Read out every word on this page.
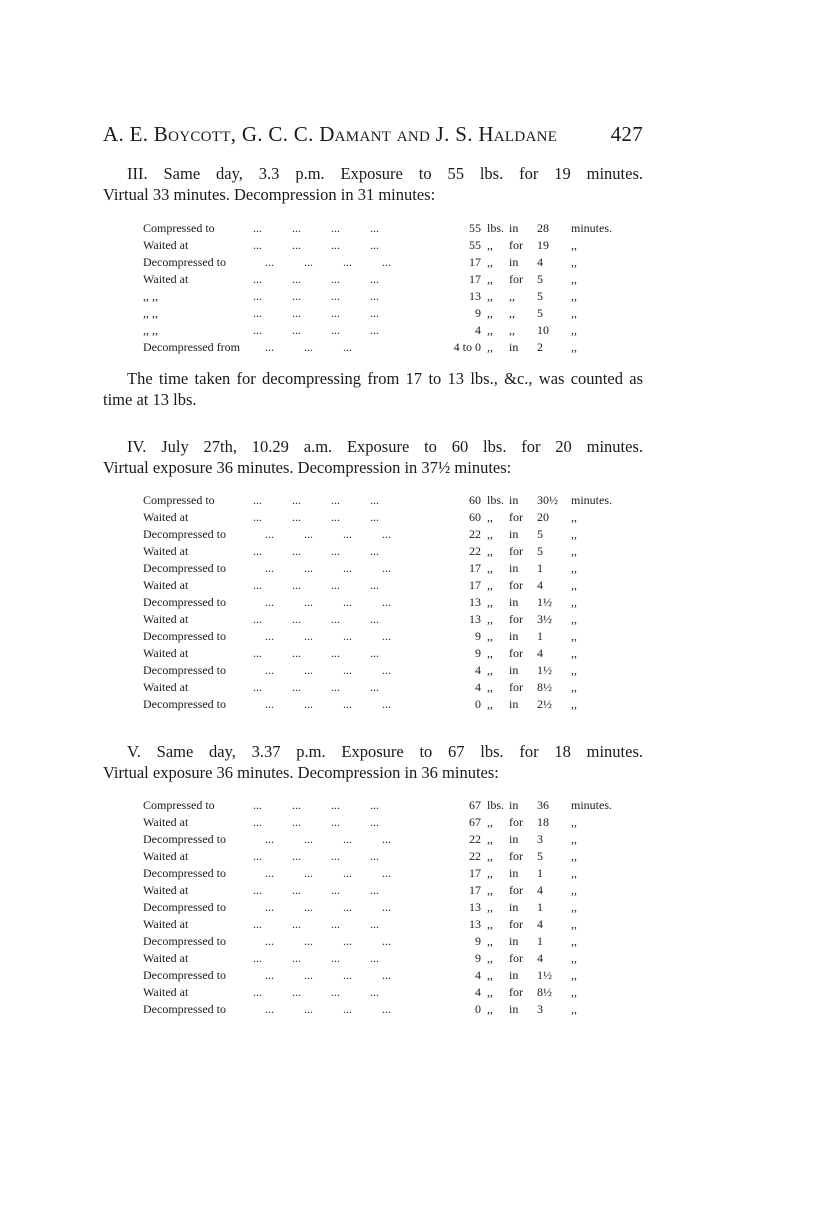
A. E. Boycott, G. C. C. Damant and J. S. Haldane	427
III. Same day, 3.3 p.m. Exposure to 55 lbs. for 19 minutes.
Virtual 33 minutes. Decompression in 31 minutes:
Compressed to	55 lbs. in	28	minutes.
...          ...          ...          ...
Waited at	55 ,,	for	19	,,
...          ...          ...          ...
Decompressed to	17 ,,	in	4	,,
...          ...          ...          ...
Waited at	17 ,,	for	5	,,
...          ...          ...          ...
,, ,,	13 ,,	,,	5	,,
...          ...          ...          ...
,, ,,	9 ,,	,,	5	,,
...          ...          ...          ...
,, ,,	4 ,,	,,	10	,,
...          ...          ...          ...
Decompressed from	4 to 0 ,,	in	2	,,
...          ...          ...
The time taken for decompressing from 17 to 13 lbs., &c., was counted as time at 13 lbs.
IV. July 27th, 10.29 a.m. Exposure to 60 lbs. for 20 minutes.
Virtual exposure 36 minutes. Decompression in 37½ minutes:
Compressed to	60 lbs. in	30½ minutes.
...          ...          ...          ...
Waited at	60 ,,	for	20	,,
...          ...          ...          ...
Decompressed to	22 ,,	in	5	,,
...          ...          ...          ...
Waited at	22 ,,	for	5	,,
...          ...          ...          ...
Decompressed to	17 ,,	in	1	,,
...          ...          ...          ...
Waited at	17 ,,	for	4	,,
...          ...          ...          ...
Decompressed to	13 ,,	in	1½	,,
...          ...          ...          ...
Waited at	13 ,,	for	3½	,,
...          ...          ...          ...
Decompressed to	9 ,,	in	1	,,
...          ...          ...          ...
Waited at	9 ,,	for	4	,,
...          ...          ...          ...
Decompressed to	4 ,,	in	1½	,,
...          ...          ...          ...
Waited at	4 ,,	for	8½	,,
...          ...          ...          ...
Decompressed to	0 ,,	in	2½	,,
...          ...          ...          ...
V. Same day, 3.37 p.m. Exposure to 67 lbs. for 18 minutes.
Virtual exposure 36 minutes. Decompression in 36 minutes:
Compressed to	67 lbs. in	36	minutes.
...          ...          ...          ...
Waited at	67 ,,	for	18	,,
...          ...          ...          ...
Decompressed to	22 ,,	in	3	,,
...          ...          ...          ...
Waited at	22 ,,	for	5	,,
...          ...          ...          ...
Decompressed to	17 ,,	in	1	,,
...          ...          ...          ...
Waited at	17 ,,	for	4	,,
...          ...          ...          ...
Decompressed to	13 ,,	in	1	,,
...          ...          ...          ...
Waited at	13 ,,	for	4	,,
...          ...          ...          ...
Decompressed to	9 ,,	in	1	,,
...          ...          ...          ...
Waited at	9 ,,	for	4	,,
...          ...          ...          ...
Decompressed to	4 ,,	in	1½	,,
...          ...          ...          ...
Waited at	4 ,,	for	8½	,,
...          ...          ...          ...
Decompressed to	0 ,,	in	3	,,
...          ...          ...          ...
